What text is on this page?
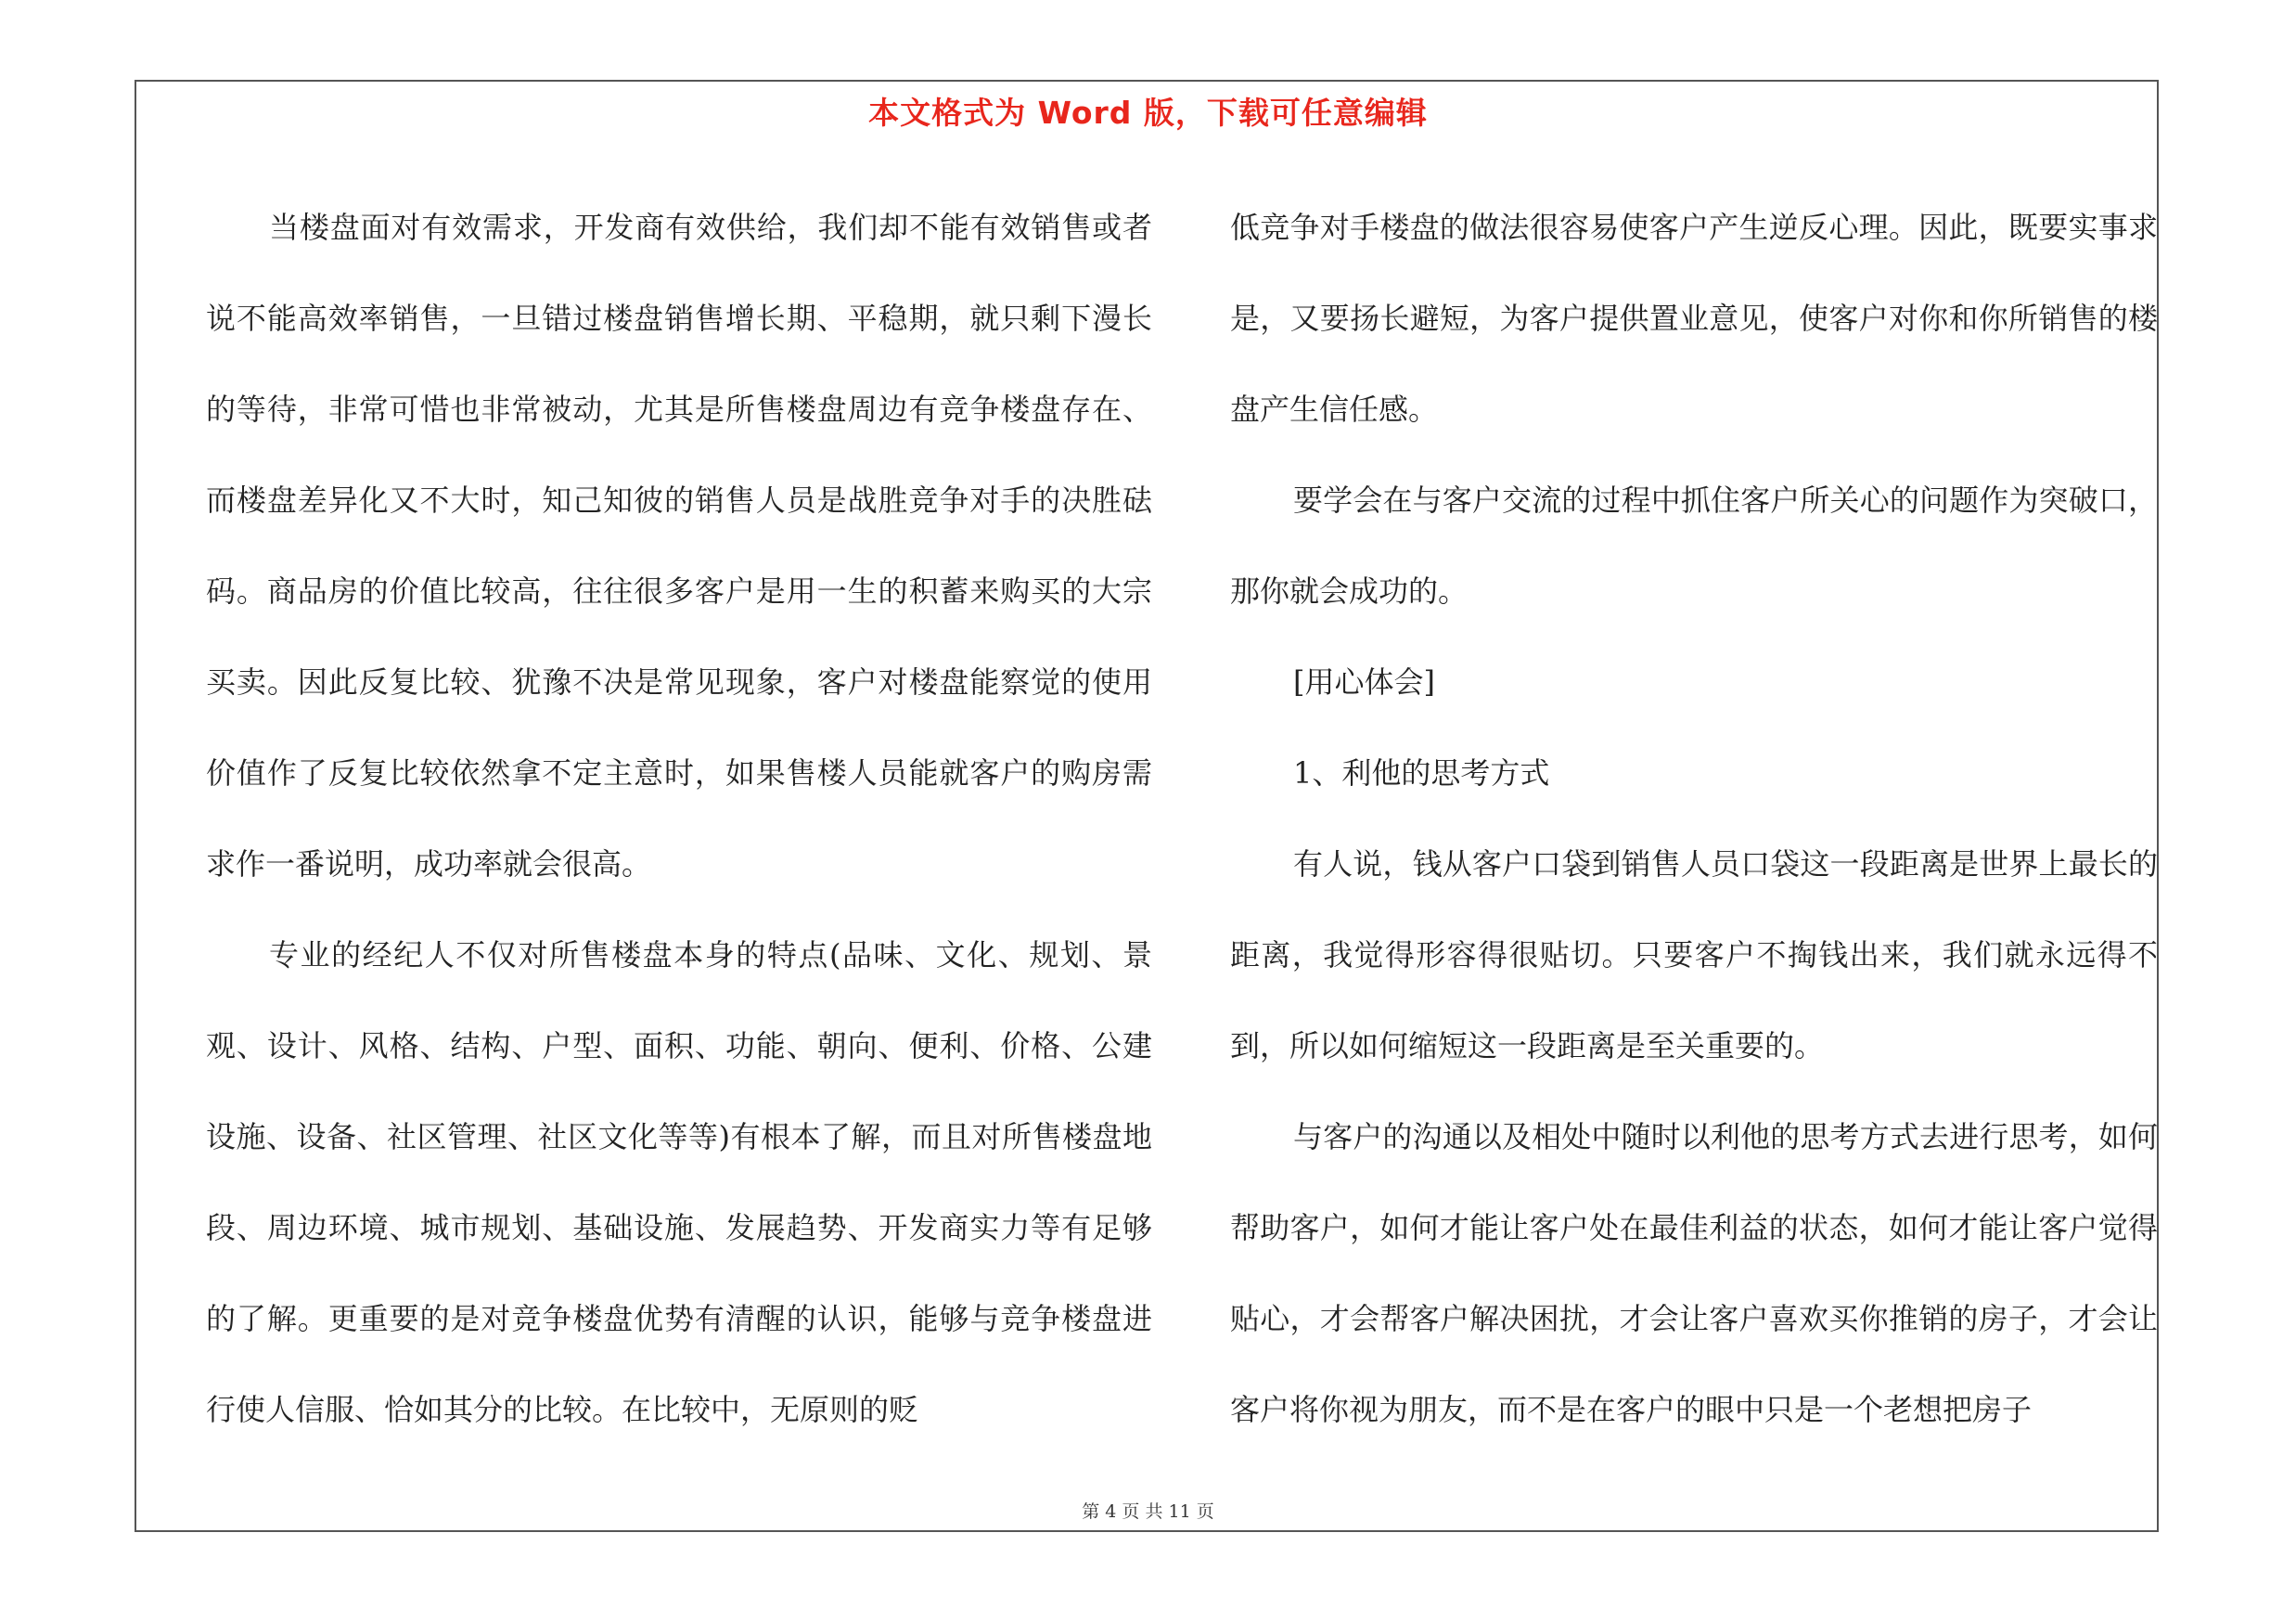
本文格式为 Word 版，下载可任意编辑

当楼盘面对有效需求，开发商有效供给，我们却不能有效销售或者说不能高效率销售，一旦错过楼盘销售增长期、平稳期，就只剩下漫长的等待，非常可惜也非常被动，尤其是所售楼盘周边有竞争楼盘存在、而楼盘差异化又不大时，知己知彼的销售人员是战胜竞争对手的决胜砝码。商品房的价值比较高，往往很多客户是用一生的积蓄来购买的大宗买卖。因此反复比较、犹豫不决是常见现象，客户对楼盘能察觉的使用价值作了反复比较依然拿不定主意时，如果售楼人员能就客户的购房需求作一番说明，成功率就会很高。

专业的经纪人不仅对所售楼盘本身的特点(品味、文化、规划、景观、设计、风格、结构、户型、面积、功能、朝向、便利、价格、公建设施、设备、社区管理、社区文化等等)有根本了解，而且对所售楼盘地段、周边环境、城市规划、基础设施、发展趋势、开发商实力等有足够的了解。更重要的是对竞争楼盘优势有清醒的认识，能够与竞争楼盘进行使人信服、恰如其分的比较。在比较中，无原则的贬

低竞争对手楼盘的做法很容易使客户产生逆反心理。因此，既要实事求是，又要扬长避短，为客户提供置业意见，使客户对你和你所销售的楼盘产生信任感。

要学会在与客户交流的过程中抓住客户所关心的问题作为突破口，那你就会成功的。

[用心体会]

1、利他的思考方式

有人说，钱从客户口袋到销售人员口袋这一段距离是世界上最长的距离，我觉得形容得很贴切。只要客户不掏钱出来，我们就永远得不到，所以如何缩短这一段距离是至关重要的。

与客户的沟通以及相处中随时以利他的思考方式去进行思考，如何帮助客户，如何才能让客户处在最佳利益的状态，如何才能让客户觉得贴心，才会帮客户解决困扰，才会让客户喜欢买你推销的房子，才会让客户将你视为朋友，而不是在客户的眼中只是一个老想把房子

第 4 页 共 11 页
